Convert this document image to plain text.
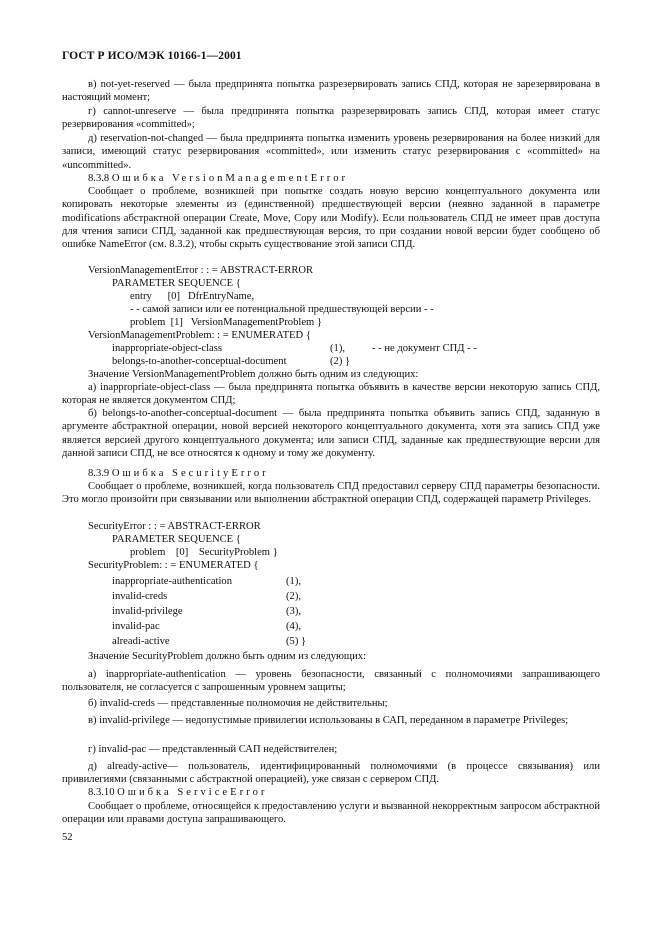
ГОСТ Р ИСО/МЭК 10166-1—2001
в) not-yet-reserved — была предпринята попытка разрезервировать запись СПД, которая не зарезервирована в настоящий момент;
г) cannot-unreserve — была предпринята попытка разрезервировать запись СПД, которая имеет статус резервирования «committed»;
д) reservation-not-changed — была предпринята попытка изменить уровень резервирования на более низкий для записи, имеющий статус резервирования «committed», или изменить статус резервирования с «committed» на «uncommitted».
8.3.8 Ошибка VersionManagementError
Сообщает о проблеме, возникшей при попытке создать новую версию концептуального документа или копировать некоторые элементы из (единственной) предшествующей версии (неявно заданной в параметре modifications абстрактной операции Create, Move, Copy или Modify). Если пользователь СПД не имеет прав доступа для чтения записи СПД, заданной как предшествующая версия, то при создании новой версии будет сообщено об ошибке NameError (см. 8.3.2), чтобы скрыть существование этой записи СПД.
VersionManagementError : : = ABSTRACT-ERROR
PARAMETER SEQUENCE {
entry      [0]   DfrEntryName,
- - самой записи или ее потенциальной предшествующей версии - -
problem  [1]   VersionManagementProblem }
VersionManagementProblem: : = ENUMERATED {
inappropriate-object-class	(1),	- - не документ СПД - -
belongs-to-another-conceptual-document	(2) }
Значение VersionManagementProblem должно быть одним из следующих:
а) inappropriate-object-class — была предпринята попытка объявить в качестве версии некоторую запись СПД, которая не является документом СПД;
б) belongs-to-another-conceptual-document — была предпринята попытка объявить запись СПД, заданную в аргументе абстрактной операции, новой версией некоторого концептуального документа, хотя эта запись СПД уже является версией другого концептуального документа; или записи СПД, заданные как предшествующие версии для данной записи СПД, не все относятся к одному и тому же документу.
8.3.9 Ошибка SecurityError
Сообщает о проблеме, возникшей, когда пользователь СПД предоставил серверу СПД параметры безопасности. Это могло произойти при связывании или выполнении абстрактной операции СПД, содержащей параметр Privileges.
SecurityError : : = ABSTRACT-ERROR
PARAMETER SEQUENCE {
problem    [0]    SecurityProblem }
SecurityProblem: : = ENUMERATED {
inappropriate-authentication	(1),
invalid-creds	(2),
invalid-privilege	(3),
invalid-pac	(4),
alreadi-active	(5) }
Значение SecurityProblem должно быть одним из следующих:
а) inappropriate-authentication — уровень безопасности, связанный с полномочиями запрашивающего пользователя, не согласуется с запрошенным уровнем защиты;
б) invalid-creds — представленные полномочия не действительны;
в) invalid-privilege — недопустимые привилегии использованы в САП, переданном в параметре Privileges;
г) invalid-pac — представленный САП недействителен;
д) already-active— пользователь, идентифицированный полномочиями (в процессе связывания) или привилегиями (связанными с абстрактной операцией), уже связан с сервером СПД.
8.3.10 Ошибка ServiceError
Сообщает о проблеме, относящейся к предоставлению услуги и вызванной некорректным запросом абстрактной операции или правами доступа запрашивающего.
52
